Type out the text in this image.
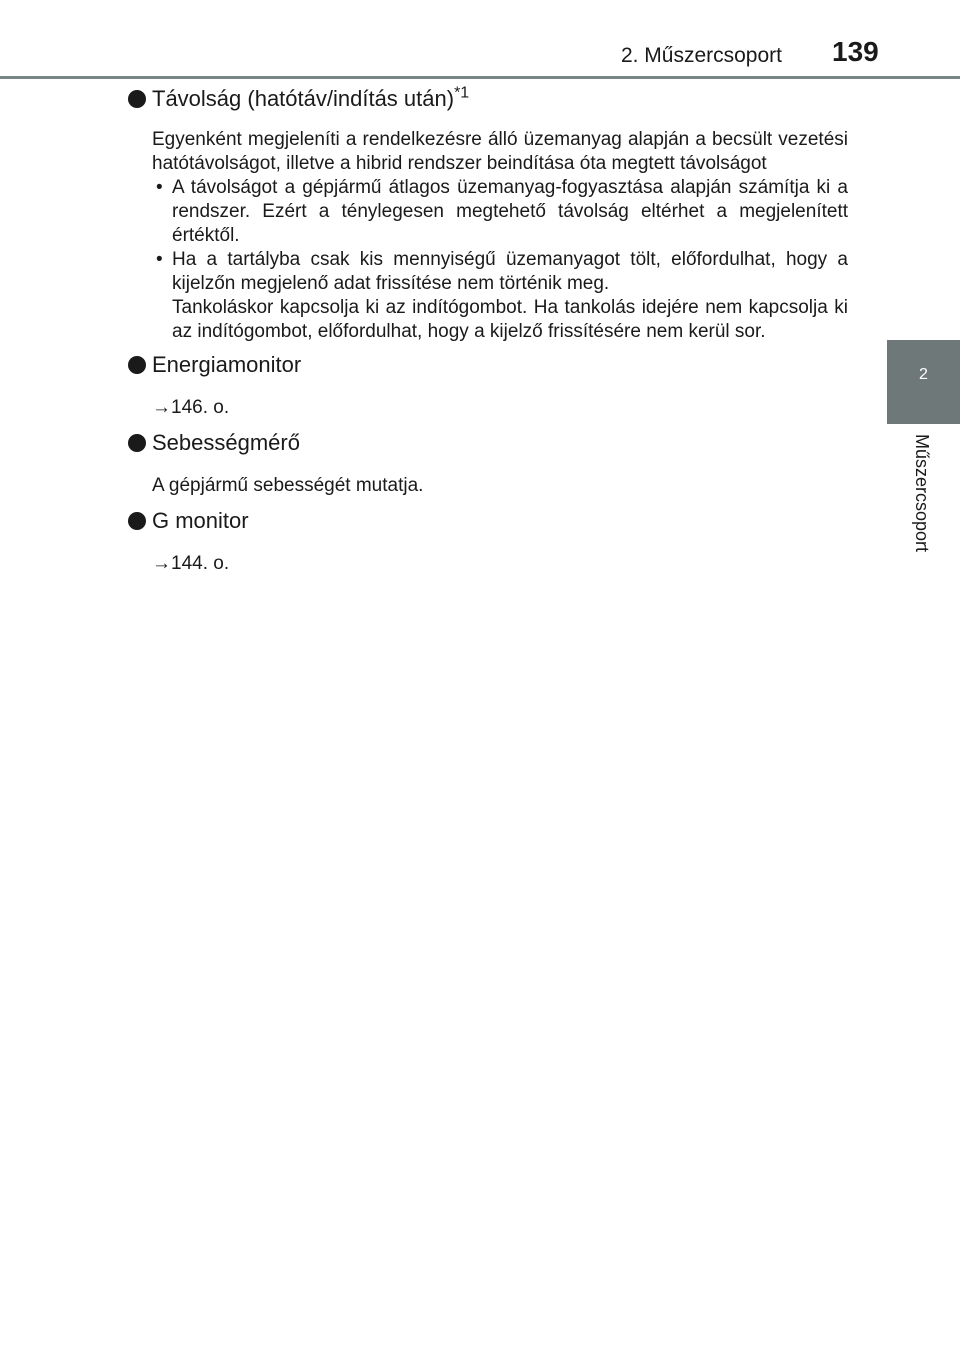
2. Műszercsoport 139
2
Műszercsoport
Távolság (hatótáv/indítás után)$^{*1}$
Egyenként megjeleníti a rendelkezésre álló üzemanyag alapján a becsült vezetési hatótávolságot, illetve a hibrid rendszer beindítása óta megtett távolságot
• A távolságot a gépjármű átlagos üzemanyag-fogyasztása alapján számítja ki a rendszer. Ezért a ténylegesen megtehető távolság eltérhet a megjelenített értéktől.
• Ha a tartályba csak kis mennyiségű üzemanyagot tölt, előfordulhat, hogy a kijelzőn megjelenő adat frissítése nem történik meg.
Tankoláskor kapcsolja ki az indítógombot. Ha tankolás idejére nem kapcsolja ki az indítógombot, előfordulhat, hogy a kijelző frissítésére nem kerül sor.
Energiamonitor
→146. o.
Sebességmérő
A gépjármű sebességét mutatja.
G monitor
→144. o.
